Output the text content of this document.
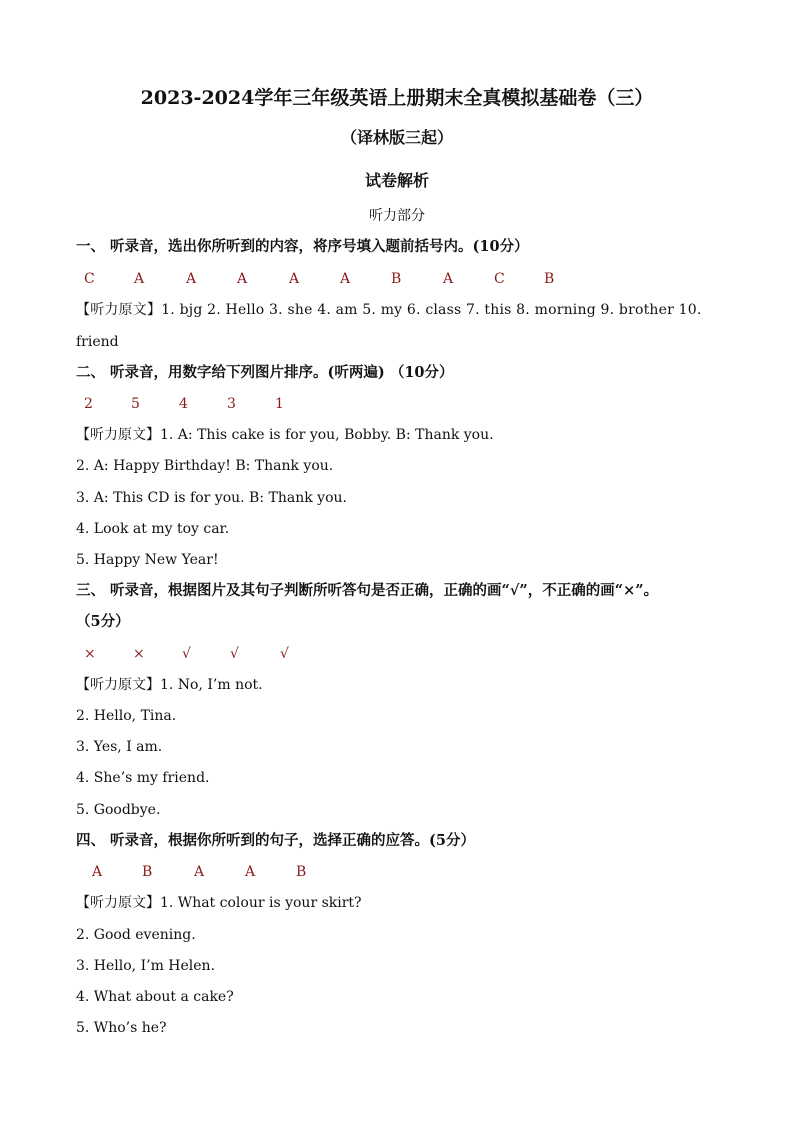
2023-2024学年三年级英语上册期末全真模拟基础卷（三）
（译林版三起）
试卷解析
听力部分
一、 听录音，选出你所听到的内容，将序号填入题前括号内。(10分）
C	A	A	A	A	A	B	A	C	B
【听力原文】1. bjg 2. Hello 3. she 4. am 5. my 6. class 7. this 8. morning 9. brother 10.
friend
二、 听录音，用数字给下列图片排序。(听两遍) （10分）
2	5	4	3	1
【听力原文】1. A: This cake is for you, Bobby. B: Thank you.
2. A: Happy Birthday! B: Thank you.
3. A: This CD is for you. B: Thank you.
4. Look at my toy car.
5. Happy New Year!
三、 听录音，根据图片及其句子判断所听答句是否正确，正确的画“√”，不正确的画“×”。
（5分）
×	×	√	√	√
【听力原文】1. No, I’m not.
2. Hello, Tina.
3. Yes, I am.
4. She’s my friend.
5. Goodbye.
四、 听录音，根据你所听到的句子，选择正确的应答。(5分）
A	B	A	A	B
【听力原文】1. What colour is your skirt?
2. Good evening.
3. Hello, I’m Helen.
4. What about a cake?
5. Who’s he?
